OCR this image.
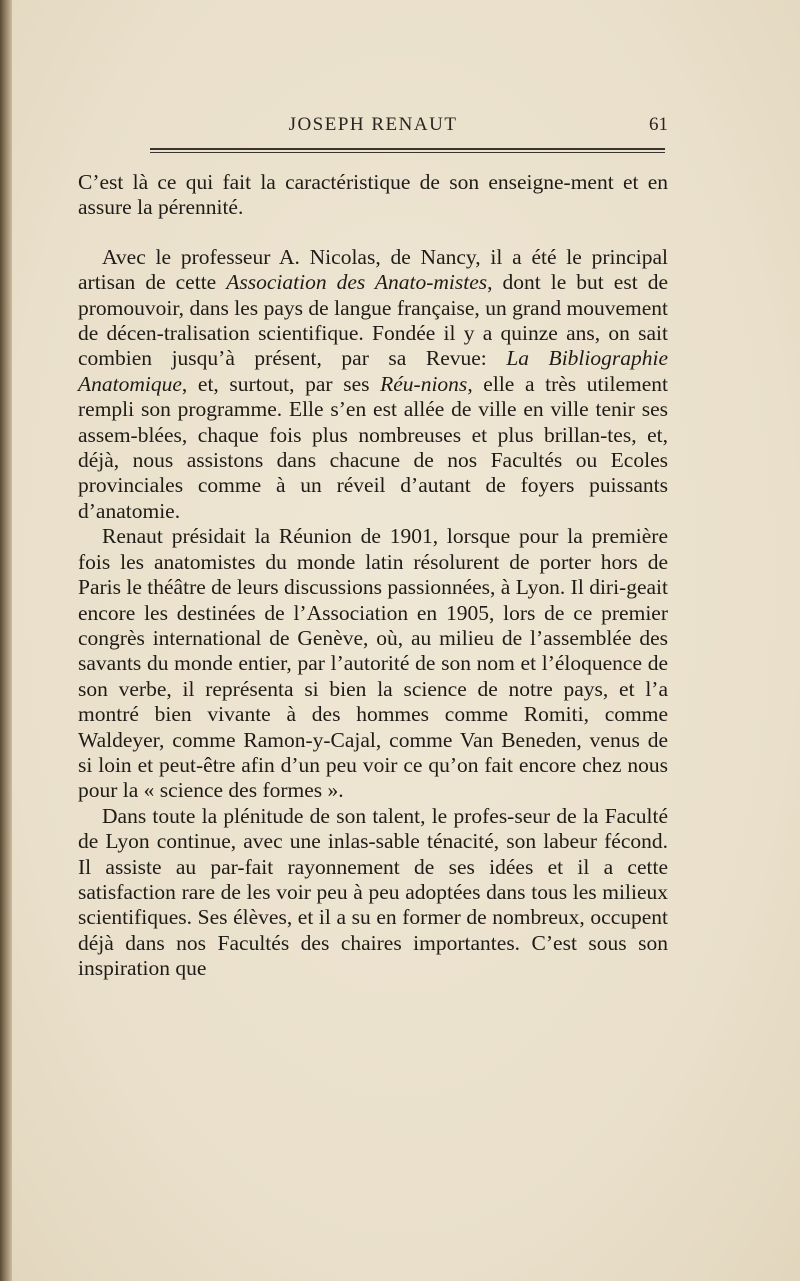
JOSEPH RENAUT	61

C’est là ce qui fait la caractéristique de son enseigne-ment et en assure la pérennité.

Avec le professeur A. Nicolas, de Nancy, il a été le principal artisan de cette Association des Anato-mistes, dont le but est de promouvoir, dans les pays de langue française, un grand mouvement de décen-tralisation scientifique. Fondée il y a quinze ans, on sait combien jusqu’à présent, par sa Revue: La Bibliographie Anatomique, et, surtout, par ses Réu-nions, elle a très utilement rempli son programme. Elle s’en est allée de ville en ville tenir ses assem-blées, chaque fois plus nombreuses et plus brillan-tes, et, déjà, nous assistons dans chacune de nos Facultés ou Ecoles provinciales comme à un réveil d’autant de foyers puissants d’anatomie.

Renaut présidait la Réunion de 1901, lorsque pour la première fois les anatomistes du monde latin résolurent de porter hors de Paris le théâtre de leurs discussions passionnées, à Lyon. Il diri-geait encore les destinées de l’Association en 1905, lors de ce premier congrès international de Genève, où, au milieu de l’assemblée des savants du monde entier, par l’autorité de son nom et l’éloquence de son verbe, il représenta si bien la science de notre pays, et l’a montré bien vivante à des hommes comme Romiti, comme Waldeyer, comme Ramon-y-Cajal, comme Van Beneden, venus de si loin et peut-être afin d’un peu voir ce qu’on fait encore chez nous pour la « science des formes ».

Dans toute la plénitude de son talent, le profes-seur de la Faculté de Lyon continue, avec une inlas-sable ténacité, son labeur fécond. Il assiste au par-fait rayonnement de ses idées et il a cette satisfaction rare de les voir peu à peu adoptées dans tous les milieux scientifiques. Ses élèves, et il a su en former de nombreux, occupent déjà dans nos Facultés des chaires importantes. C’est sous son inspiration que
